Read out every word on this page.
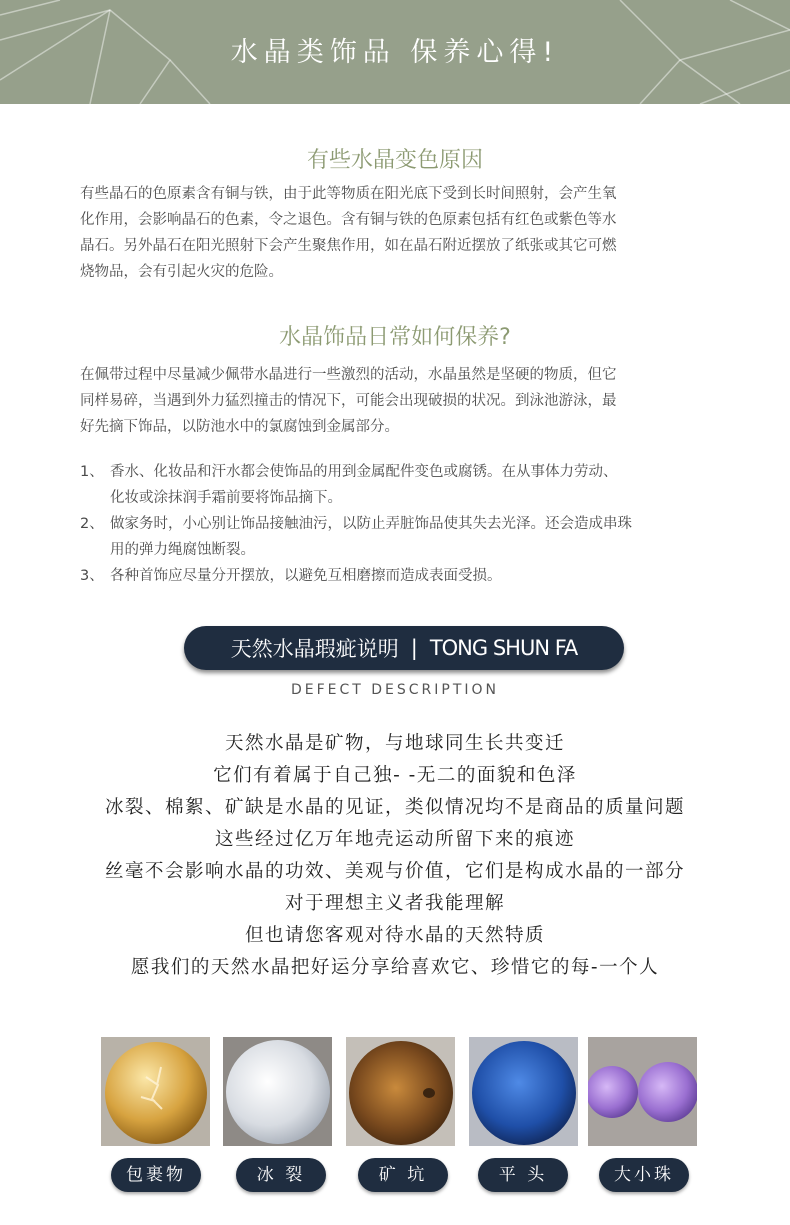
水晶类饰品 保养心得!
有些水晶变色原因
有些晶石的色原素含有铜与铁，由于此等物质在阳光底下受到长时间照射，会产生氧
化作用，会影响晶石的色素，令之退色。含有铜与铁的色原素包括有红色或紫色等水
晶石。另外晶石在阳光照射下会产生聚焦作用，如在晶石附近摆放了纸张或其它可燃
烧物品，会有引起火灾的危险。
水晶饰品日常如何保养?
在佩带过程中尽量减少佩带水晶进行一些激烈的活动，水晶虽然是坚硬的物质，但它
同样易碎，当遇到外力猛烈撞击的情况下，可能会出现破损的状况。到泳池游泳，最
好先摘下饰品，以防池水中的氯腐蚀到金属部分。
1、 香水、化妆品和汗水都会使饰品的用到金属配件变色或腐锈。在从事体力劳动、
化妆或涂抹润手霜前要将饰品摘下。
2、 做家务时，小心别让饰品接触油污，以防止弄脏饰品使其失去光泽。还会造成串珠
用的弹力绳腐蚀断裂。
3、 各种首饰应尽量分开摆放，以避免互相磨擦而造成表面受损。
天然水晶瑕疵说明 | TONG SHUN FA
DEFECT DESCRIPTION
天然水晶是矿物，与地球同生长共变迁
它们有着属于自己独- -无二的面貌和色泽
冰裂、棉絮、矿缺是水晶的见证，类似情况均不是商品的质量问题
这些经过亿万年地壳运动所留下来的痕迹
丝毫不会影响水晶的功效、美观与价值，它们是构成水晶的一部分
对于理想主义者我能理解
但也请您客观对待水晶的天然特质
愿我们的天然水晶把好运分享给喜欢它、珍惜它的每-一个人
包裹物	冰 裂	矿 坑	平 头	大小珠
